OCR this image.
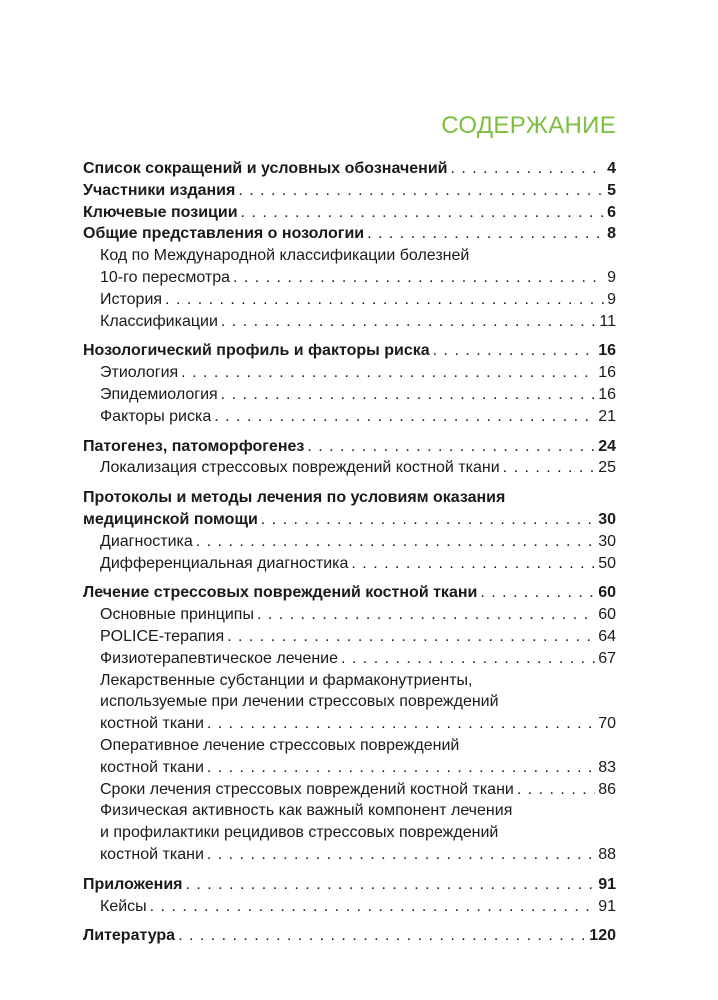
СОДЕРЖАНИЕ
Список сокращений и условных обозначений . . .	4
Участники издания . . .	5
Ключевые позиции . . .	6
Общие представления о нозологии . . .	8
Код по Международной классификации болезней
10-го пересмотра . . .	9
История . . .	9
Классификации . . .	11
Нозологический профиль и факторы риска . . .	16
Этиология . . .	16
Эпидемиология . . .	16
Факторы риска . . .	21
Патогенез, патоморфогенез . . .	24
Локализация стрессовых повреждений костной ткани . . .	25
Протоколы и методы лечения по условиям оказания
медицинской помощи . . .	30
Диагностика . . .	30
Дифференциальная диагностика . . .	50
Лечение стрессовых повреждений костной ткани . . .	60
Основные принципы . . .	60
POLICE-терапия . . .	64
Физиотерапевтическое лечение . . .	67
Лекарственные субстанции и фармаконутриенты,
используемые при лечении стрессовых повреждений
костной ткани . . .	70
Оперативное лечение стрессовых повреждений
костной ткани . . .	83
Сроки лечения стрессовых повреждений костной ткани . . .	86
Физическая активность как важный компонент лечения
и профилактики рецидивов стрессовых повреждений
костной ткани . . .	88
Приложения . . .	91
Кейсы . . .	91
Литература . . .	120
